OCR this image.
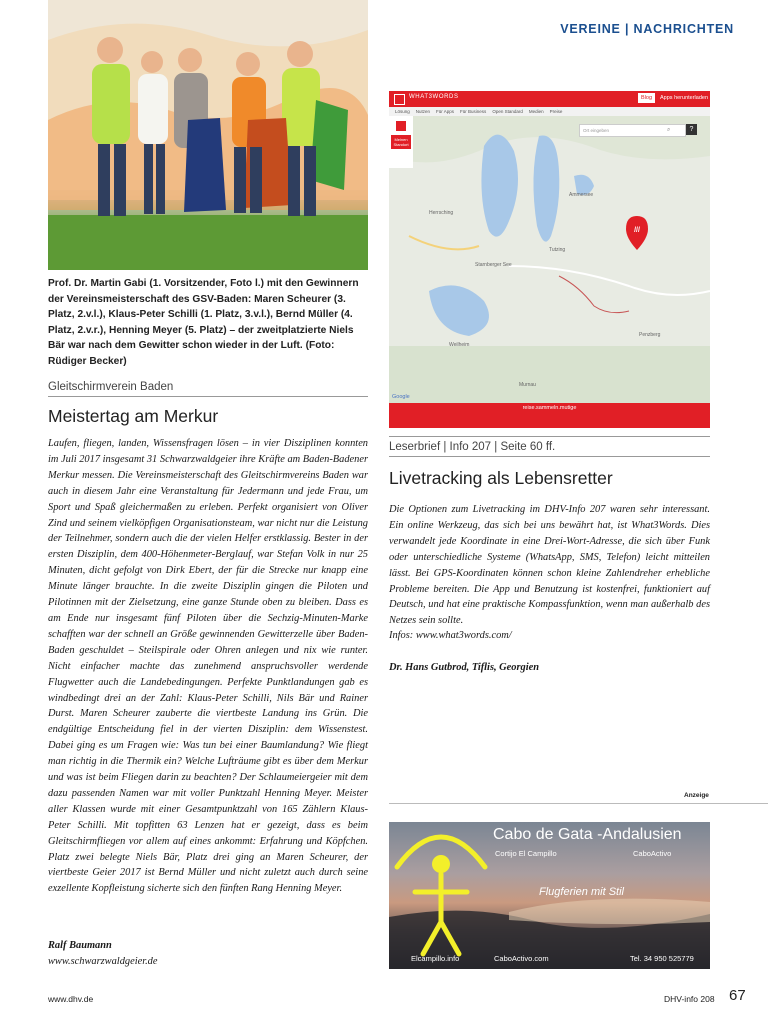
VEREINE | NACHRICHTEN
Prof. Dr. Martin Gabi (1. Vorsitzender, Foto l.) mit den Gewinnern der Vereinsmeisterschaft des GSV-Baden: Maren Scheurer (3. Platz, 2.v.l.), Klaus-Peter Schilli (1. Platz, 3.v.l.), Bernd Müller (4. Platz, 2.v.r.), Henning Meyer (5. Platz) – der zweitplatzierte Niels Bär war nach dem Gewitter schon wieder in der Luft. (Foto: Rüdiger Becker)
Gleitschirmverein Baden
Meistertag am Merkur
Laufen, fliegen, landen, Wissensfragen lösen – in vier Disziplinen konnten im Juli 2017 insgesamt 31 Schwarzwaldgeier ihre Kräfte am Baden-Badener Merkur messen. Die Vereinsmeisterschaft des Gleitschirmvereins Baden war auch in diesem Jahr eine Veranstaltung für Jedermann und jede Frau, um Sport und Spaß gleichermaßen zu erleben. Perfekt organisiert von Oliver Zind und seinem vielköpfigen Organisationsteam, war nicht nur die Leistung der Teilnehmer, sondern auch die der vielen Helfer erstklassig. Bester in der ersten Disziplin, dem 400-Höhenmeter-Berglauf, war Stefan Volk in nur 25 Minuten, dicht gefolgt von Dirk Ebert, der für die Strecke nur knapp eine Minute länger brauchte. In die zweite Disziplin gingen die Piloten und Pilotinnen mit der Zielsetzung, eine ganze Stunde oben zu bleiben. Dass es am Ende nur insgesamt fünf Piloten über die Sechzig-Minuten-Marke schafften war der schnell an Größe gewinnenden Gewitterzelle über Baden-Baden geschuldet – Steilspirale oder Ohren anlegen und nix wie runter. Nicht einfacher machte das zunehmend anspruchsvoller werdende Flugwetter auch die Landebedingungen. Perfekte Punktlandungen gab es windbedingt drei an der Zahl: Klaus-Peter Schilli, Nils Bär und Rainer Durst. Maren Scheurer zauberte die viertbeste Landung ins Grün. Die endgültige Entscheidung fiel in der vierten Disziplin: dem Wissenstest. Dabei ging es um Fragen wie: Was tun bei einer Baumlandung? Wie fliegt man richtig in die Thermik ein? Welche Lufträume gibt es über dem Merkur und was ist beim Fliegen darin zu beachten? Der Schlaumeiergeier mit dem dazu passenden Namen war mit voller Punktzahl Henning Meyer. Meister aller Klassen wurde mit einer Gesamtpunktzahl von 165 Zählern Klaus-Peter Schilli. Mit topfitten 63 Lenzen hat er gezeigt, dass es beim Gleitschirmfliegen vor allem auf eines ankommt: Erfahrung und Köpfchen. Platz zwei belegte Niels Bär, Platz drei ging an Maren Scheurer, der viertbeste Geier 2017 ist Bernd Müller und nicht zuletzt auch durch seine exzellente Kopfleistung sicherte sich den fünften Rang Henning Meyer.
Ralf Baumann
www.schwarzwaldgeier.de
WHAT3WORDS	Blog	Apps herunterladen
Lösung Nutzen Für Apps Für Business Open Standard Medien Preise
Ammersee
Starnberger See
Herrsching
Tutzing
Weilheim
Murnau
Penzberg
///
Meinen Standort
Ort eingeben	⌕	?
Google
reise.sammeln.mutige
Leserbrief | Info 207 | Seite 60 ff.
Livetracking als Lebensretter
Die Optionen zum Livetracking im DHV-Info 207 waren sehr interessant. Ein online Werkzeug, das sich bei uns bewährt hat, ist What3Words. Dies verwandelt jede Koordinate in eine Drei-Wort-Adresse, die sich über Funk oder unterschiedliche Systeme (WhatsApp, SMS, Telefon) leicht mitteilen lässt. Bei GPS-Koordinaten können schon kleine Zahlendreher erhebliche Probleme bereiten. Die App und Benutzung ist kostenfrei, funktioniert auf Deutsch, und hat eine praktische Kompassfunktion, wenn man außerhalb des Netzes sein sollte.
Infos: www.what3words.com/
Dr. Hans Gutbrod, Tiflis, Georgien
Anzeige
Cabo de Gata -Andalusien
Cortijo El Campillo	CaboActivo
Flugferien mit Stil
Elcampillo.info	CaboActivo.com	Tel. 34 950 525779
www.dhv.de	DHV-info 208 67
